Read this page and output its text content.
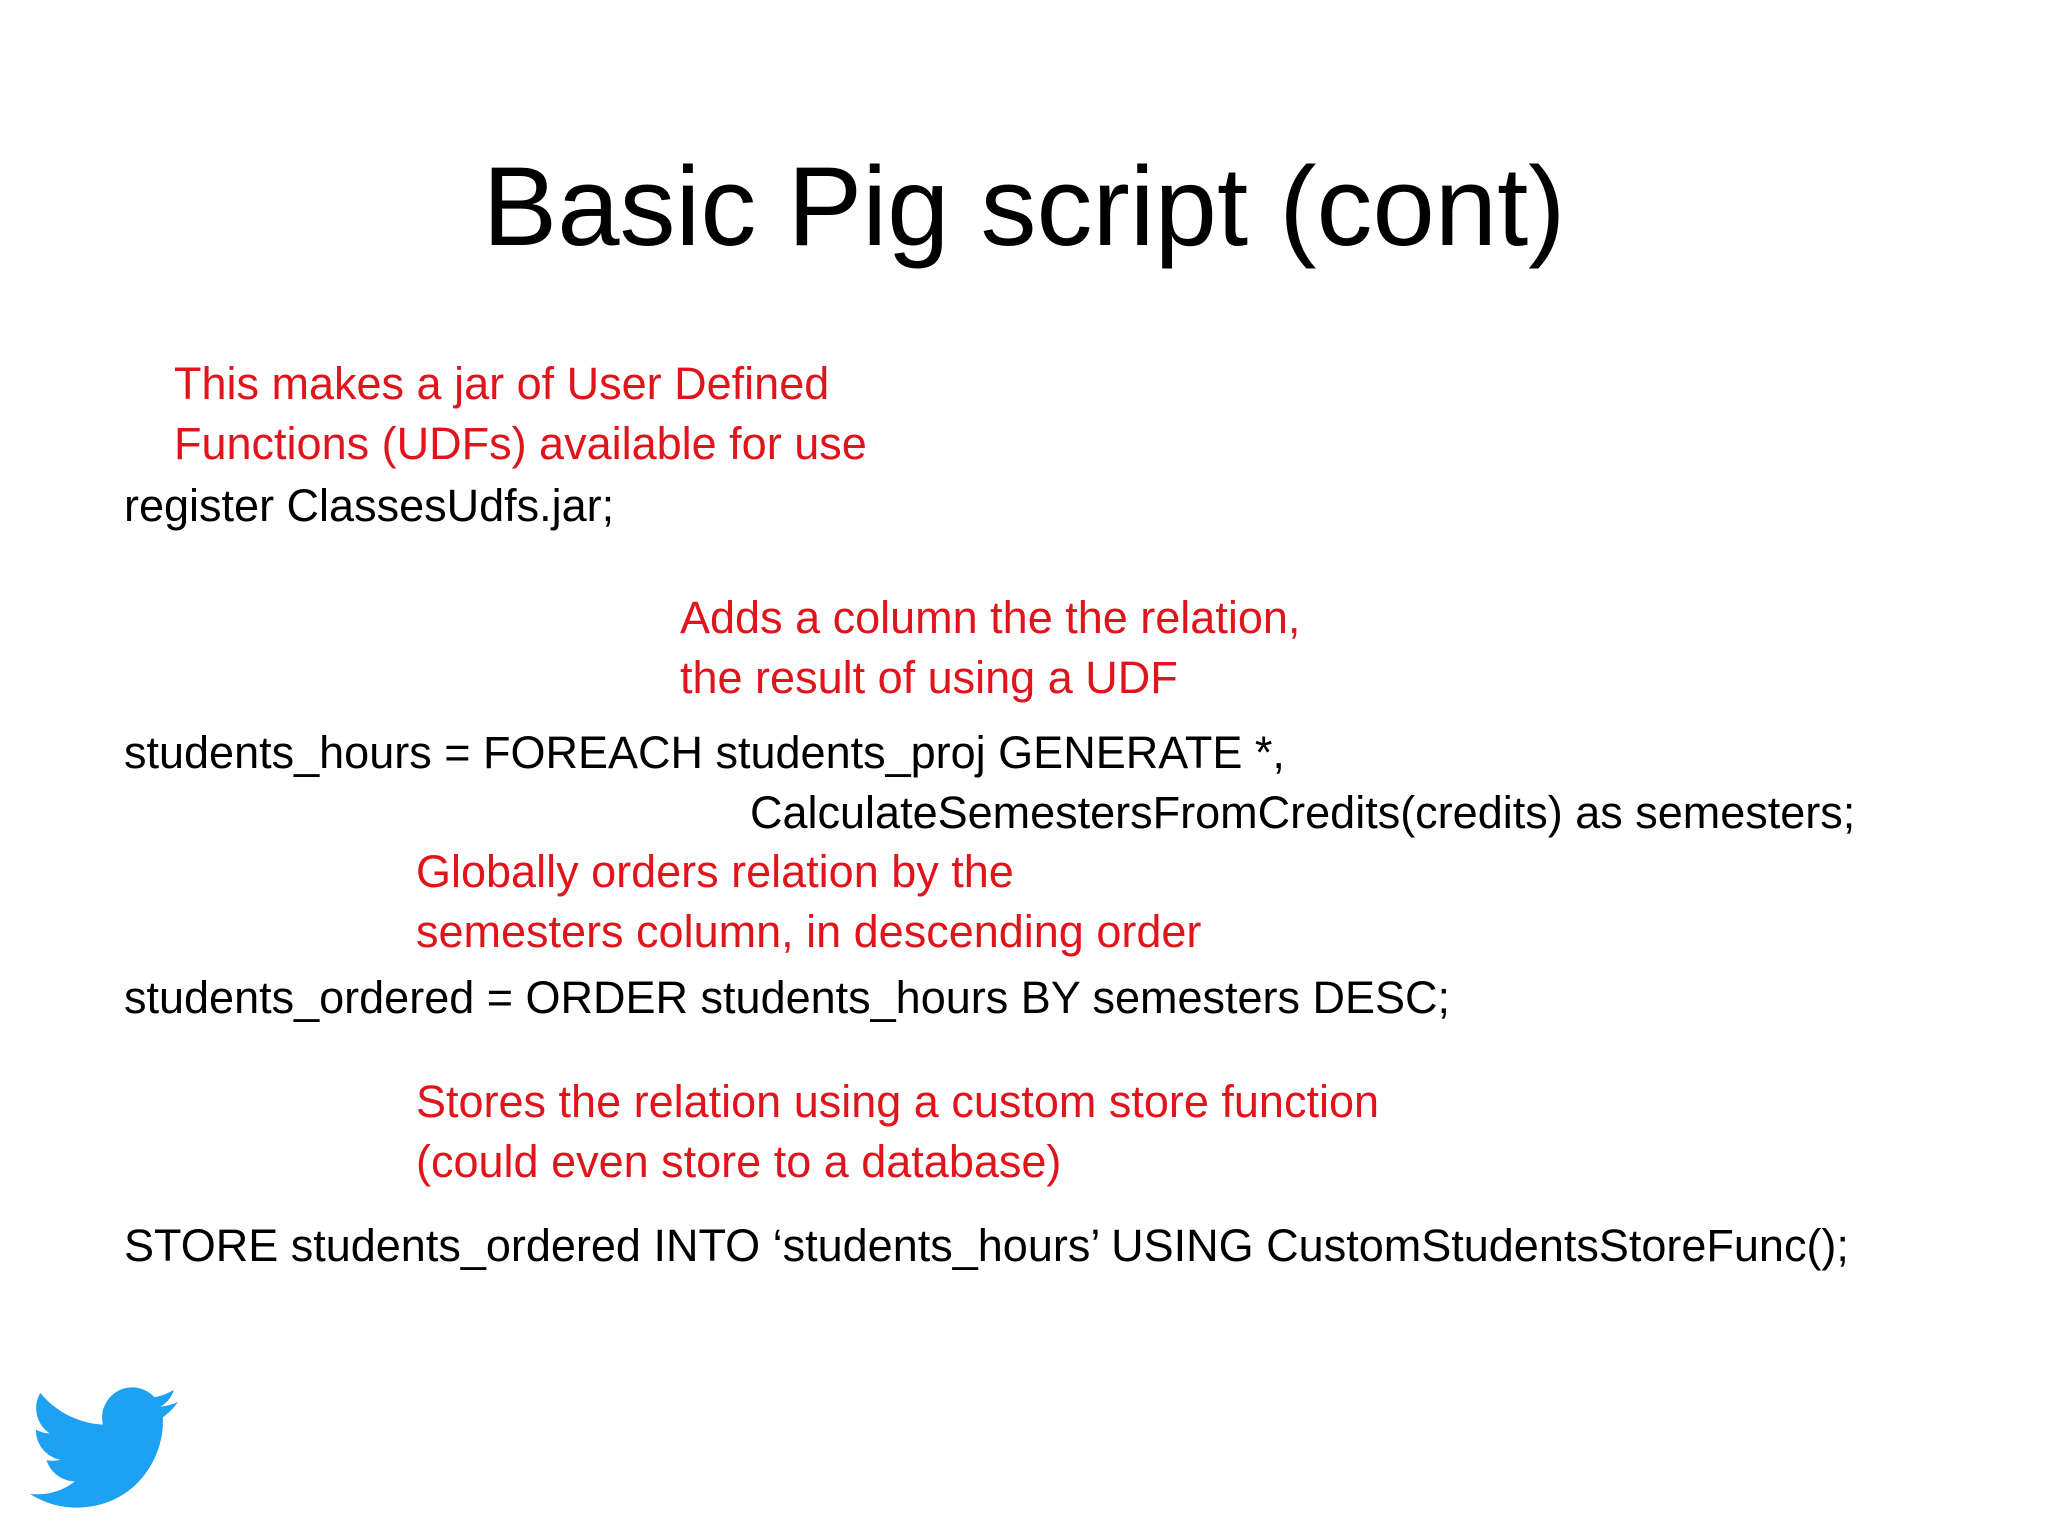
Basic Pig script (cont)
This makes a jar of User Defined
Functions (UDFs) available for use
register ClassesUdfs.jar;
Adds a column the the relation,
the result of using a UDF
students_hours = FOREACH students_proj GENERATE *,
CalculateSemestersFromCredits(credits) as semesters;
Globally orders relation by the
semesters column, in descending order
students_ordered = ORDER students_hours BY semesters DESC;
Stores the relation using a custom store function
(could even store to a database)
STORE students_ordered INTO ‘students_hours’ USING CustomStudentsStoreFunc();
